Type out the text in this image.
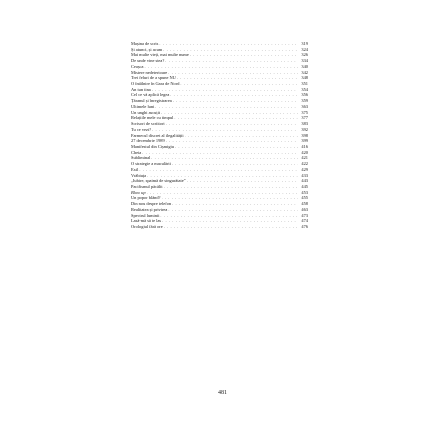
Mașina de scris . . .	319
Și atunci, și acum . . .	324
Mai multe vieți, mai multe nume . . .	326
De unde vine stea? . . .	334
Ceașca . . .	340
Mistere nedeterioare . . .	342
Trei feluri de a spune NU . . .	348
O întâlnire în Gara de Nord . . .	351
An tun tina . . .	354
Cel ce vă aplică legea . . .	356
Țăranul și înregistrarea . . .	359
Ultimele luni . . .	363
Un unghi ascuțit . . .	375
Relațiile mele cu timpul . . .	377
Scrisori de scriitori . . .	383
Tu ce vezi? . . .	392
Farmecul discret al ilegalității . . .	398
27 decembrie 1989 . . .	399
Manifestul din Cișmigiu . . .	416
Cheia . . .	420
Subliminal . . .	421
O strategie a maculării . . .	422
Exil . . .	429
Vrăbiuța . . .	433
„Iubire, spaimă de singurătate” . . .	443
Pacifismul păcălit . . .	445
Blow up . . .	453
Un popor blând? . . .	455
Din nou despre telefon . . .	458
Realitatea și privirea . . .	463
Spectrul luminii . . .	473
Lasă-mă să te las . . .	474
Orologiul fără ore . . .	476
481
